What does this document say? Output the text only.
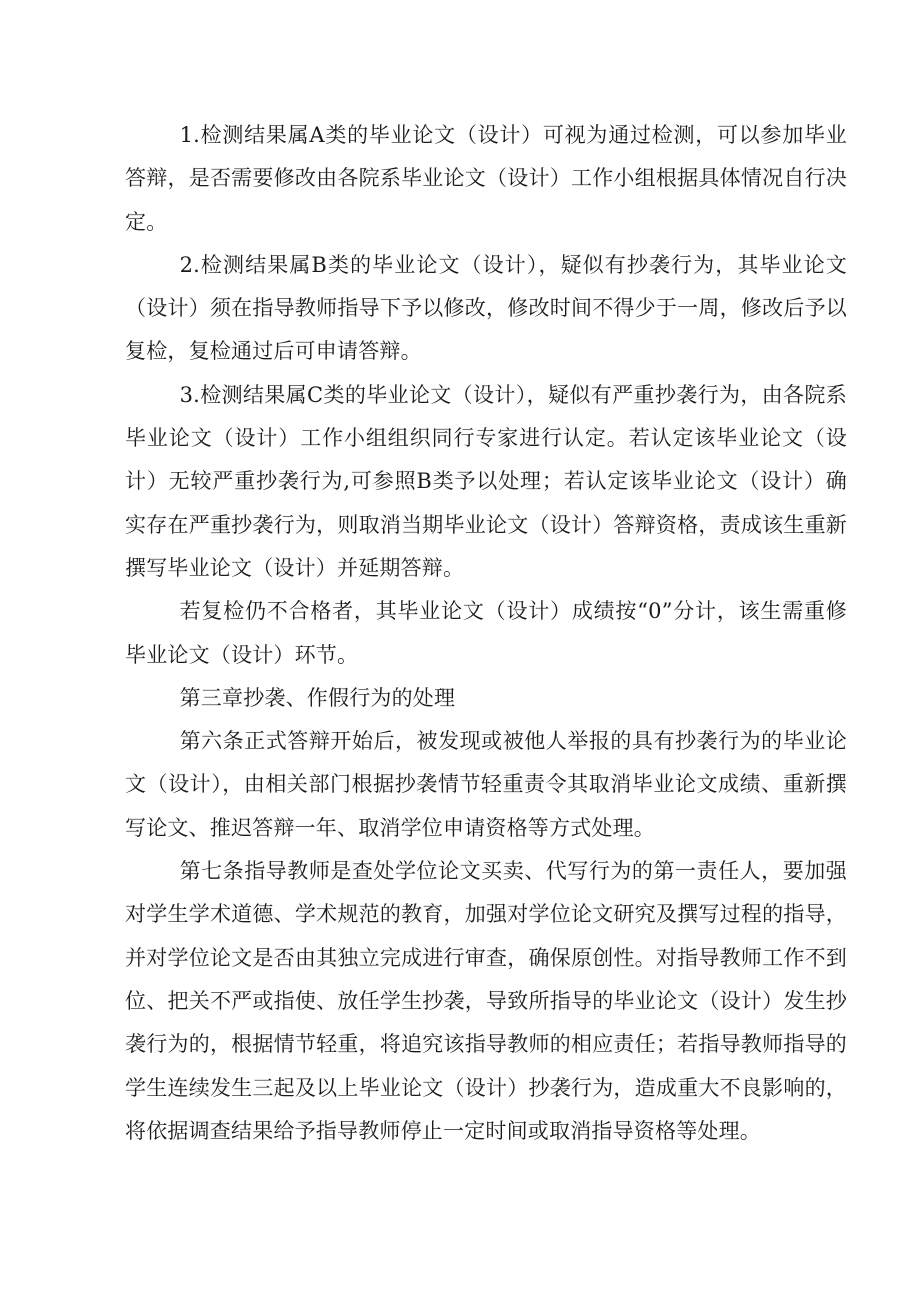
1.检测结果属A类的毕业论文（设计）可视为通过检测，可以参加毕业答辩，是否需要修改由各院系毕业论文（设计）工作小组根据具体情况自行决定。

2.检测结果属B类的毕业论文（设计），疑似有抄袭行为，其毕业论文（设计）须在指导教师指导下予以修改，修改时间不得少于一周，修改后予以复检，复检通过后可申请答辩。

3.检测结果属C类的毕业论文（设计），疑似有严重抄袭行为，由各院系毕业论文（设计）工作小组组织同行专家进行认定。若认定该毕业论文（设计）无较严重抄袭行为,可参照B类予以处理；若认定该毕业论文（设计）确实存在严重抄袭行为，则取消当期毕业论文（设计）答辩资格，责成该生重新撰写毕业论文（设计）并延期答辩。

若复检仍不合格者，其毕业论文（设计）成绩按“0”分计，该生需重修毕业论文（设计）环节。

第三章抄袭、作假行为的处理

第六条正式答辩开始后，被发现或被他人举报的具有抄袭行为的毕业论文（设计），由相关部门根据抄袭情节轻重责令其取消毕业论文成绩、重新撰写论文、推迟答辩一年、取消学位申请资格等方式处理。

第七条指导教师是查处学位论文买卖、代写行为的第一责任人，要加强对学生学术道德、学术规范的教育，加强对学位论文研究及撰写过程的指导，并对学位论文是否由其独立完成进行审查，确保原创性。对指导教师工作不到位、把关不严或指使、放任学生抄袭，导致所指导的毕业论文（设计）发生抄袭行为的，根据情节轻重，将追究该指导教师的相应责任；若指导教师指导的学生连续发生三起及以上毕业论文（设计）抄袭行为，造成重大不良影响的，将依据调查结果给予指导教师停止一定时间或取消指导资格等处理。
